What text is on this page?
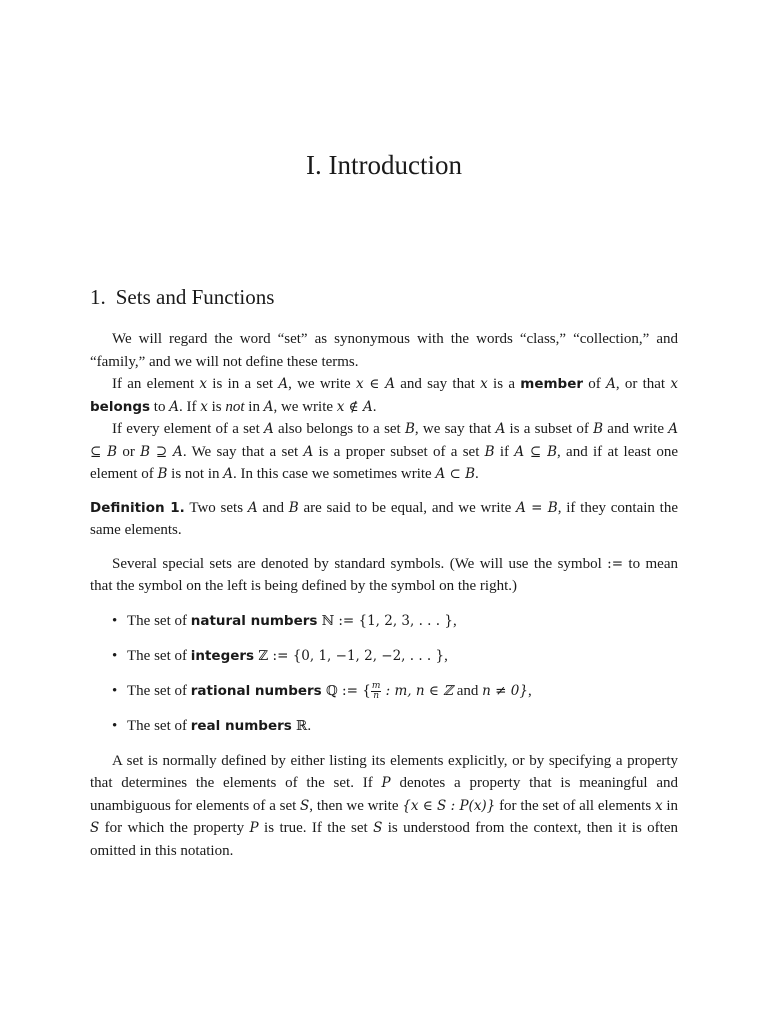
I. Introduction
1. Sets and Functions

We will regard the word “set” as synonymous with the words “class,” “collection,” and “family,” and we will not define these terms.

If an element x is in a set A, we write x ∈ A and say that x is a member of A, or that x belongs to A. If x is not in A, we write x ∉ A.

If every element of a set A also belongs to a set B, we say that A is a subset of B and write A ⊆ B or B ⊇ A. We say that a set A is a proper subset of a set B if A ⊆ B, and if at least one element of B is not in A. In this case we sometimes write A ⊂ B.

Definition 1. Two sets A and B are said to be equal, and we write A = B, if they contain the same elements.

Several special sets are denoted by standard symbols. (We will use the symbol := to mean that the symbol on the left is being defined by the symbol on the right.)

• The set of natural numbers ℕ := {1, 2, 3, . . . },
• The set of integers ℤ := {0, 1, −1, 2, −2, . . . },
• The set of rational numbers ℚ := { $\frac{m}{n}$ : m, n ∈ ℤ and n ≠ 0},
• The set of real numbers ℝ.

A set is normally defined by either listing its elements explicitly, or by specifying a property that determines the elements of the set. If P denotes a property that is meaningful and unambiguous for elements of a set S, then we write {x ∈ S : P(x)} for the set of all elements x in S for which the property P is true. If the set S is understood from the context, then it is often omitted in this notation.
